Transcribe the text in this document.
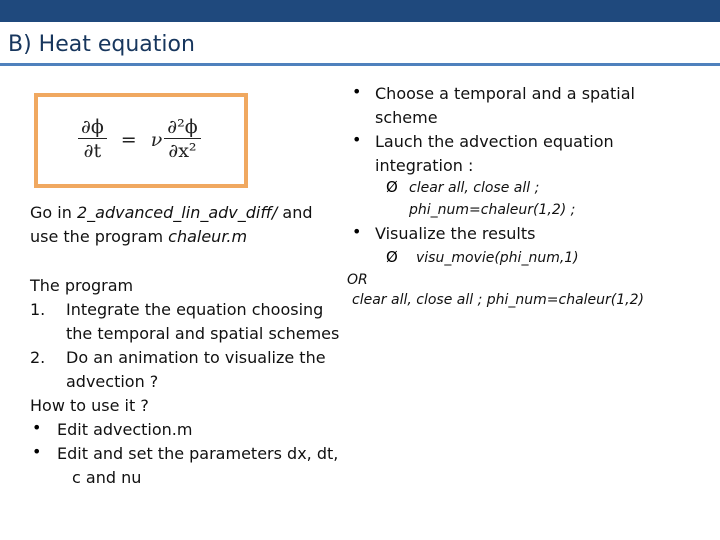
B) Heat equation
$\frac{\partial\phi}{\partial t} = \nu \frac{\text{∂²ϕ}}{\text{∂x²}}$
Go in 2_advanced_lin_adv_diff/ and
use the program chaleur.m
The program
1. Integrate the equation choosing
the temporal and spatial schemes
2. Do an animation to visualize the
advection ?
How to use it ?
• Edit advection.m
• Edit and set the parameters dx, dt,
c and nu
• Choose a temporal and a spatial
scheme
• Lauch the advection equation
integration :
Ø clear all, close all ;
phi_num=chaleur(1,2) ;
• Visualize the results
Ø visu_movie(phi_num,1)
OR
clear all, close all ; phi_num=chaleur(1,2)
